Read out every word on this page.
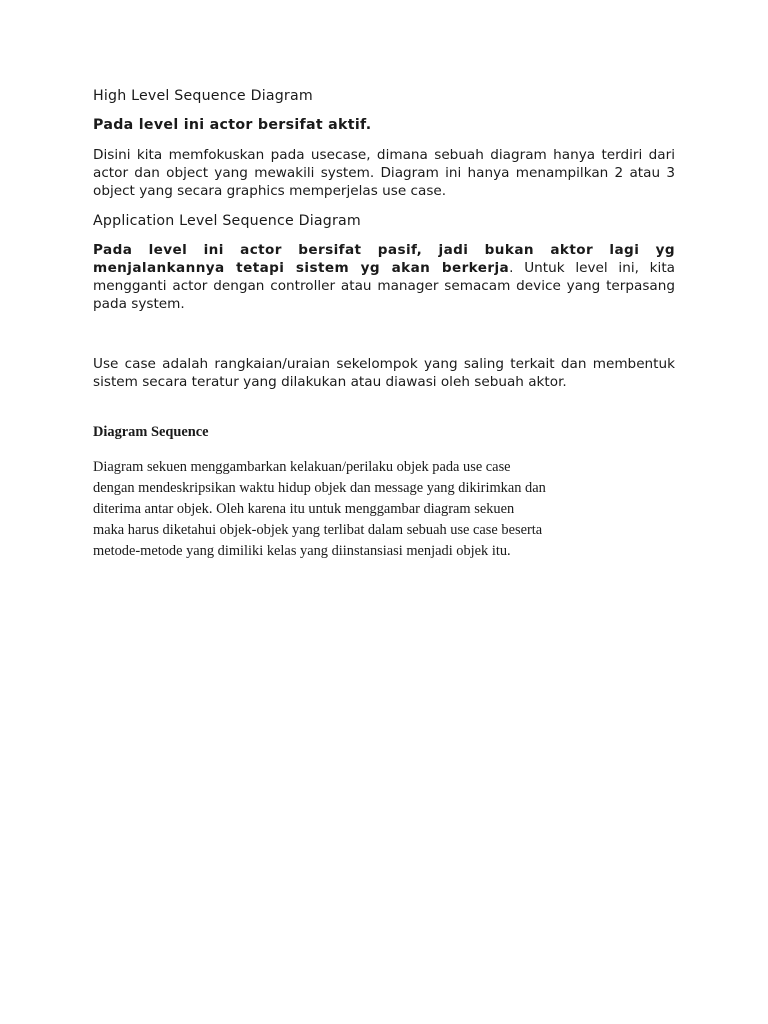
High Level Sequence Diagram

Pada level ini actor bersifat aktif.

Disini kita memfokuskan pada usecase, dimana sebuah diagram hanya terdiri dari actor dan object yang mewakili system. Diagram ini hanya menampilkan 2 atau 3 object yang secara graphics memperjelas use case.

Application Level Sequence Diagram

Pada level ini actor bersifat pasif, jadi bukan aktor lagi yg menjalankannya tetapi sistem yg akan berkerja. Untuk level ini, kita mengganti actor dengan controller atau manager semacam device yang terpasang pada system.

Use case adalah rangkaian/uraian sekelompok yang saling terkait dan membentuk sistem secara teratur yang dilakukan atau diawasi oleh sebuah aktor.

Diagram Sequence

Diagram sekuen menggambarkan kelakuan/perilaku objek pada use case
dengan mendeskripsikan waktu hidup objek dan message yang dikirimkan dan
diterima antar objek. Oleh karena itu untuk menggambar diagram sekuen
maka harus diketahui objek-objek yang terlibat dalam sebuah use case beserta
metode-metode yang dimiliki kelas yang diinstansiasi menjadi objek itu.
